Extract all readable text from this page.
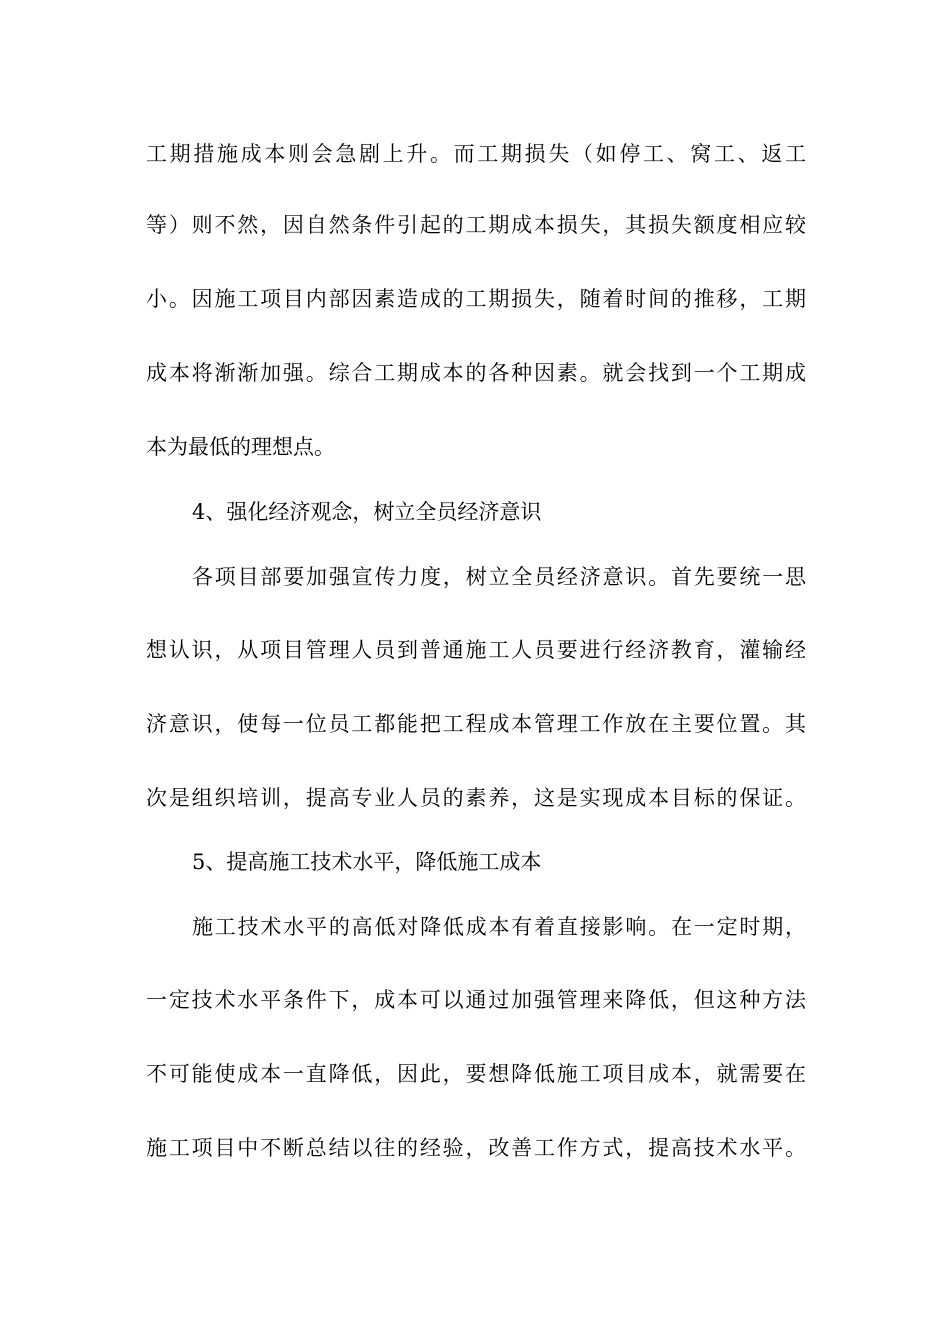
工期措施成本则会急剧上升。而工期损失（如停工、窝工、返工
等）则不然，因自然条件引起的工期成本损失，其损失额度相应较
小。因施工项目内部因素造成的工期损失，随着时间的推移，工期
成本将渐渐加强。综合工期成本的各种因素。就会找到一个工期成
本为最低的理想点。
4、强化经济观念，树立全员经济意识
各项目部要加强宣传力度，树立全员经济意识。首先要统一思
想认识，从项目管理人员到普通施工人员要进行经济教育，灌输经
济意识，使每一位员工都能把工程成本管理工作放在主要位置。其
次是组织培训，提高专业人员的素养，这是实现成本目标的保证。
5、提高施工技术水平，降低施工成本
施工技术水平的高低对降低成本有着直接影响。在一定时期，
一定技术水平条件下，成本可以通过加强管理来降低，但这种方法
不可能使成本一直降低，因此，要想降低施工项目成本，就需要在
施工项目中不断总结以往的经验，改善工作方式，提高技术水平。
